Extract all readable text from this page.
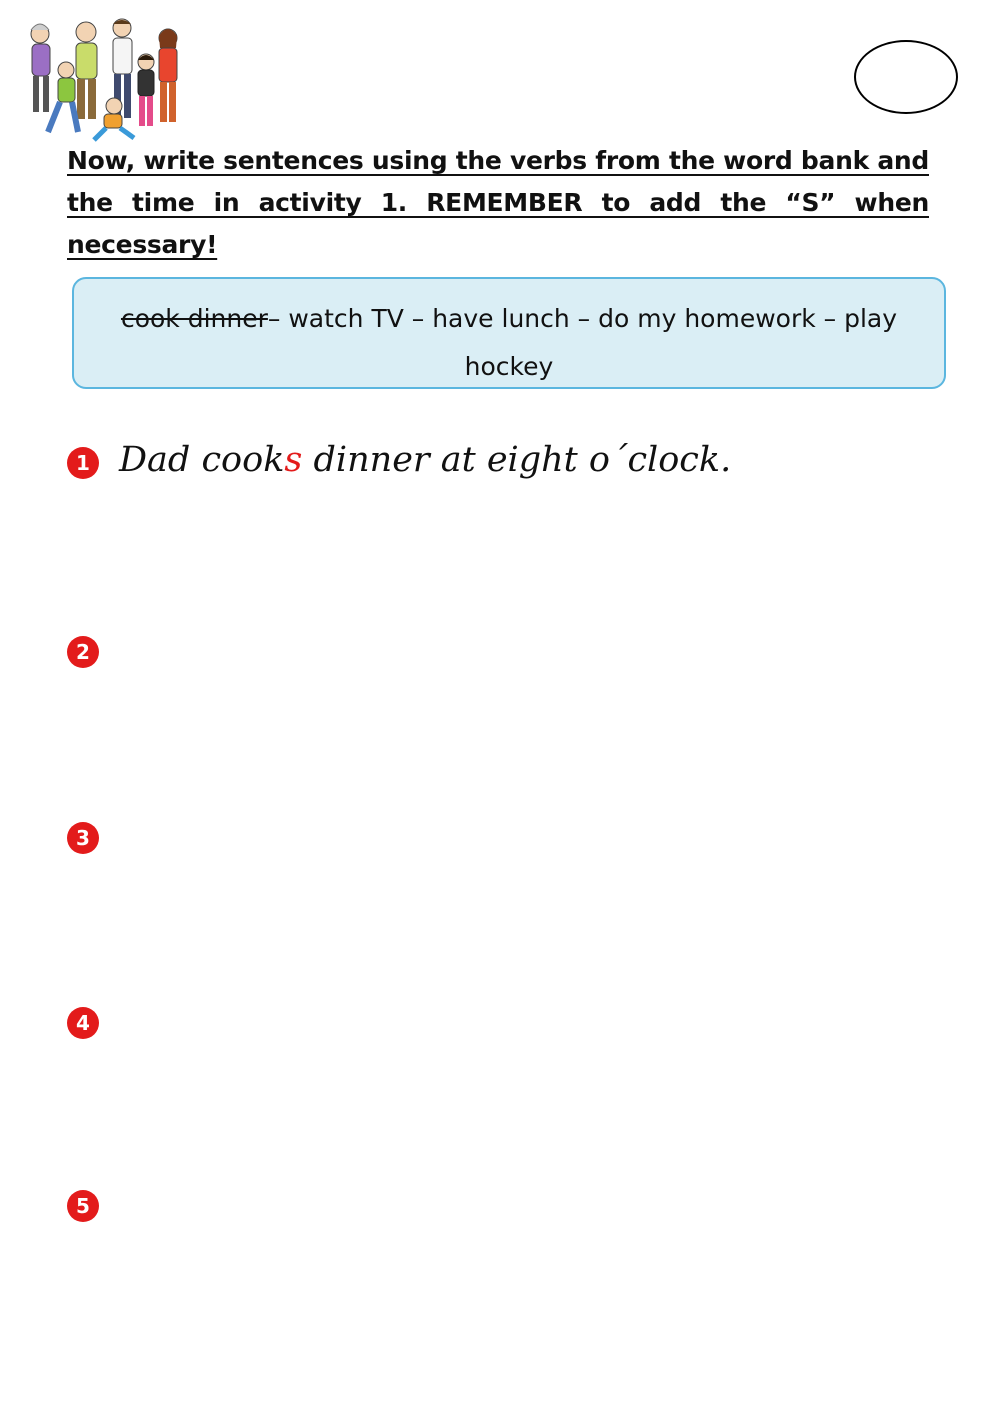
Now, write sentences using the verbs from the word bank and the time in activity 1. REMEMBER to add the “S” when necessary!
cook dinner– watch TV – have lunch – do my homework – play hockey
1 Dad cooks dinner at eight o´clock.
2
3
4
5
